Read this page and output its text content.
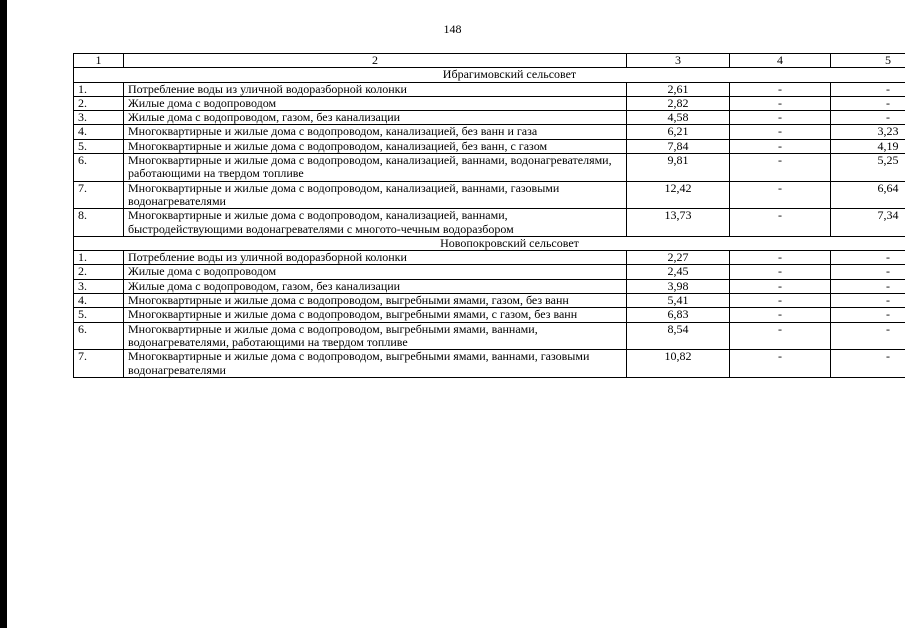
148
1	2	3	4	5
Ибрагимовский сельсовет				
1.	Потребление воды из уличной водоразборной колонки	2,61	-	-
2.	Жилые дома с водопроводом	2,82	-	-
3.	Жилые дома с водопроводом, газом, без канализации	4,58	-	-
4.	Многоквартирные и жилые дома с водопроводом, канализацией, без ванн и газа	6,21	-	3,23
5.	Многоквартирные и жилые дома с водопроводом, канализацией, без ванн, с газом	7,84	-	4,19
6.	Многоквартирные и жилые дома с водопроводом, канализацией, ваннами, водонагревателями, работающими на твердом топливе	9,81	-	5,25
7.	Многоквартирные и жилые дома с водопроводом, канализацией, ваннами, газовыми водонагревателями	12,42	-	6,64
8.	Многоквартирные и жилые дома с водопроводом, канализацией, ваннами, быстродействующими водонагревателями с многото-чечным водоразбором	13,73	-	7,34
Новопокровский сельсовет				
1.	Потребление воды из уличной водоразборной колонки	2,27	-	-
2.	Жилые дома с водопроводом	2,45	-	-
3.	Жилые дома с водопроводом, газом, без канализации	3,98	-	-
4.	Многоквартирные и жилые дома с водопроводом, выгребными ямами, газом, без ванн	5,41	-	-
5.	Многоквартирные и жилые дома с водопроводом, выгребными ямами, с газом, без ванн	6,83	-	-
6.	Многоквартирные и жилые дома с водопроводом, выгребными ямами, ваннами, водонагревателями, работающими на твердом топливе	8,54	-	-
7.	Многоквартирные и жилые дома с водопроводом, выгребными ямами, ваннами, газовыми водонагревателями	10,82	-	-
